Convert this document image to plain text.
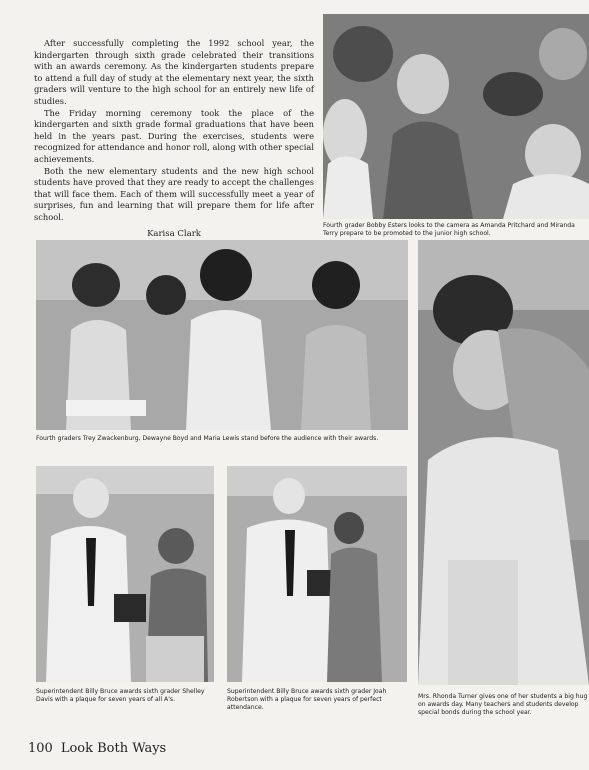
After successfully completing the 1992 school year, the kindergarten through sixth grade celebrated their transitions with an awards ceremony. As the kindergarten students prepare to attend a full day of study at the elementary next year, the sixth graders will venture to the high school for an entirely new life of studies.

The Friday morning ceremony took the place of the kindergarten and sixth grade formal graduations that have been held in the years past. During the exercises, students were recognized for attendance and honor roll, along with other special achievements.

Both the new elementary students and the new high school students have proved that they are ready to accept the challenges that will face them. Each of them will successfully meet a year of surprises, fun and learning that will prepare them for life after school.

Karisa Clark
Fourth grader Bobby Esters looks to the camera as Amanda Pritchard and Miranda Terry prepare to be promoted to the junior high school.
Fourth graders Trey Zwackenburg, Dewayne Boyd and Maria Lewis stand before the audience with their awards.
Mrs. Rhonda Turner gives one of her students a big hug on awards day. Many teachers and students develop special bonds during the school year.
Superintendent Billy Bruce awards sixth grader Shelley Davis with a plaque for seven years of all A's.
Superintendent Billy Bruce awards sixth grader Joah Robertson with a plaque for seven years of perfect attendance.
100 Look Both Ways
